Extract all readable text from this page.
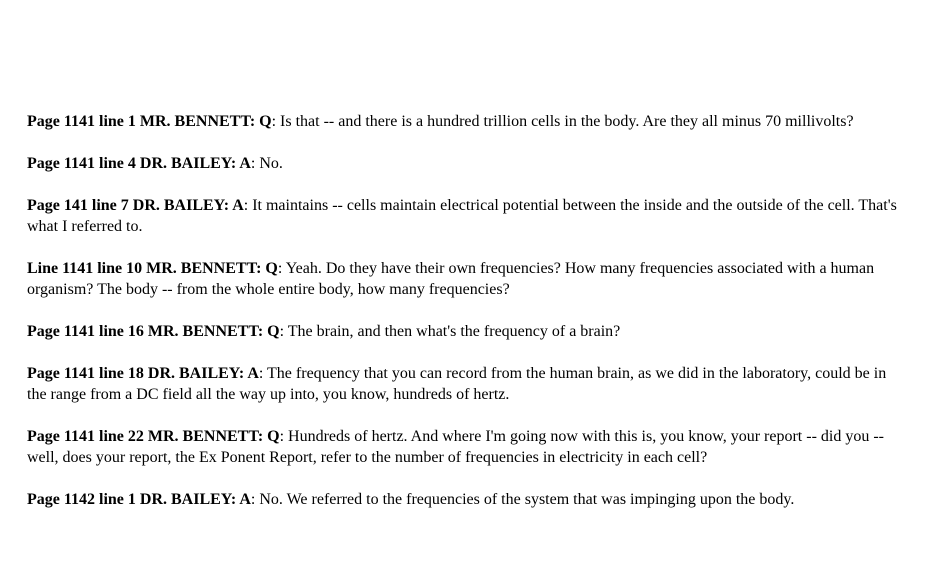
Page 1141 line 1 MR. BENNETT: Q: Is that -- and there is a hundred trillion cells in the body. Are they all minus 70 millivolts?

Page 1141 line 4 DR. BAILEY: A: No.

Page 141 line 7 DR. BAILEY: A: It maintains -- cells maintain electrical potential between the inside and the outside of the cell. That's what I referred to.

Line 1141 line 10 MR. BENNETT: Q: Yeah. Do they have their own frequencies? How many frequencies associated with a human organism? The body -- from the whole entire body, how many frequencies?

Page 1141 line 16 MR. BENNETT: Q: The brain, and then what's the frequency of a brain?

Page 1141 line 18 DR. BAILEY: A: The frequency that you can record from the human brain, as we did in the laboratory, could be in the range from a DC field all the way up into, you know, hundreds of hertz.

Page 1141 line 22 MR. BENNETT: Q: Hundreds of hertz. And where I'm going now with this is, you know, your report -- did you -- well, does your report, the Ex Ponent Report, refer to the number of frequencies in electricity in each cell?

Page 1142 line 1 DR. BAILEY: A: No. We referred to the frequencies of the system that was impinging upon the body.
